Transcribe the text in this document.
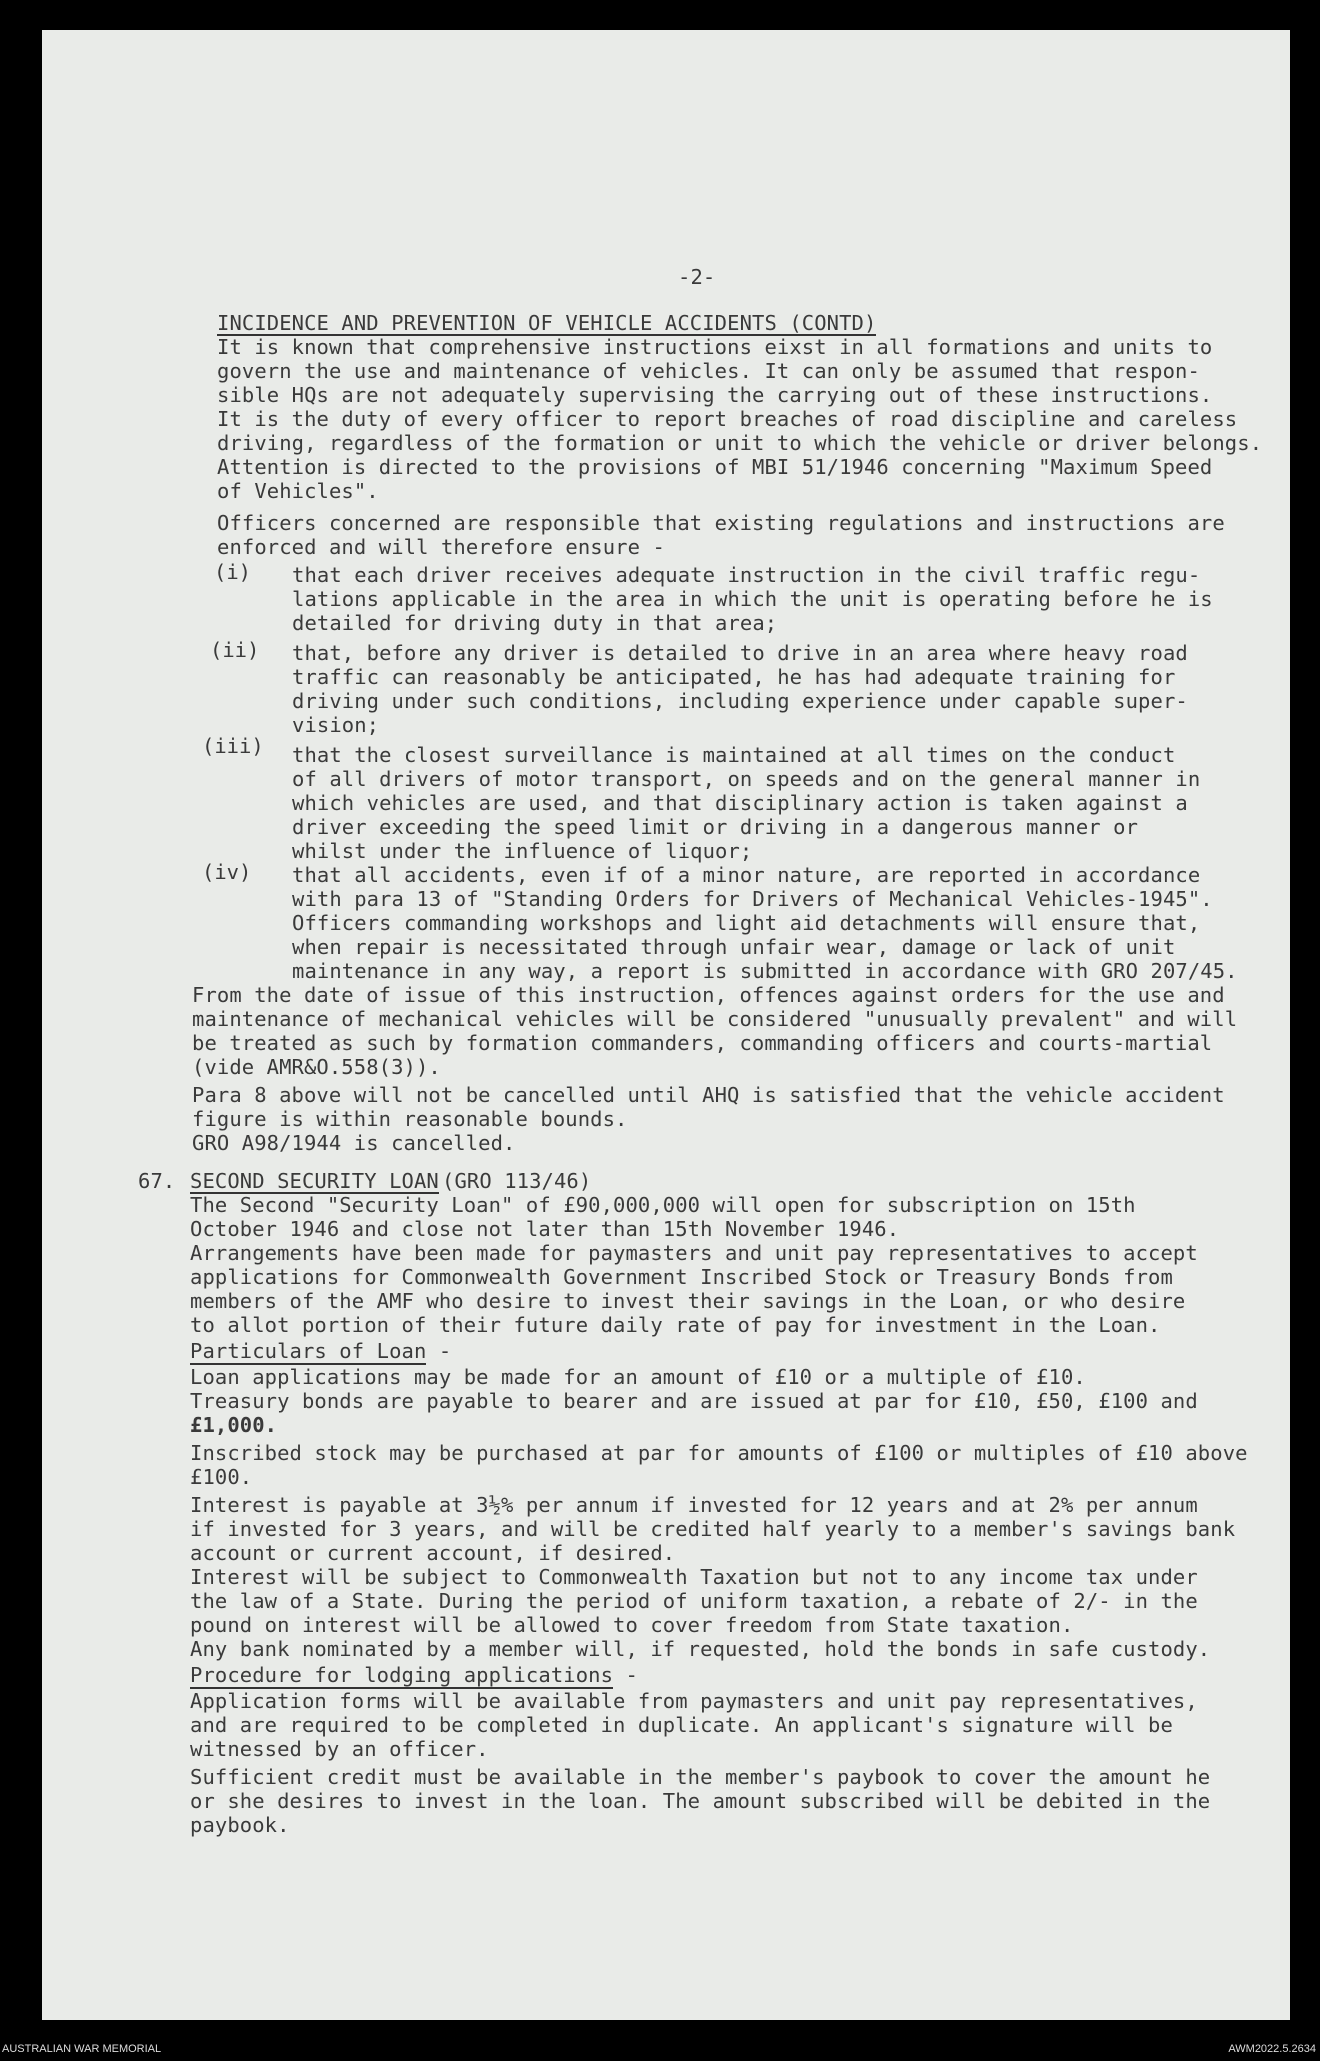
-2-
INCIDENCE AND PREVENTION OF VEHICLE ACCIDENTS (CONTD)
It is known that comprehensive instructions eixst in all formations and units to
govern the use and maintenance of vehicles. It can only be assumed that respon-
sible HQs are not adequately supervising the carrying out of these instructions.
It is the duty of every officer to report breaches of road discipline and careless
driving, regardless of the formation or unit to which the vehicle or driver belongs.
Attention is directed to the provisions of MBI 51/1946 concerning "Maximum Speed
of Vehicles".
Officers concerned are responsible that existing regulations and instructions are
enforced and will therefore ensure -
(i) that each driver receives adequate instruction in the civil traffic regu-
lations applicable in the area in which the unit is operating before he is
detailed for driving duty in that area;
(ii) that, before any driver is detailed to drive in an area where heavy road
traffic can reasonably be anticipated, he has had adequate training for
driving under such conditions, including experience under capable super-
vision;
(iii) that the closest surveillance is maintained at all times on the conduct
of all drivers of motor transport, on speeds and on the general manner in
which vehicles are used, and that disciplinary action is taken against a
driver exceeding the speed limit or driving in a dangerous manner or
whilst under the influence of liquor;
(iv) that all accidents, even if of a minor nature, are reported in accordance
with para 13 of "Standing Orders for Drivers of Mechanical Vehicles-1945".
Officers commanding workshops and light aid detachments will ensure that,
when repair is necessitated through unfair wear, damage or lack of unit
maintenance in any way, a report is submitted in accordance with GRO 207/45.
From the date of issue of this instruction, offences against orders for the use and
maintenance of mechanical vehicles will be considered "unusually prevalent" and will
be treated as such by formation commanders, commanding officers and courts-martial
(vide AMR&O.558(3)).
Para 8 above will not be cancelled until AHQ is satisfied that the vehicle accident
figure is within reasonable bounds.
GRO A98/1944 is cancelled.
67. SECOND SECURITY LOAN (GRO 113/46)
The Second "Security Loan" of £90,000,000 will open for subscription on 15th
October 1946 and close not later than 15th November 1946.
Arrangements have been made for paymasters and unit pay representatives to accept
applications for Commonwealth Government Inscribed Stock or Treasury Bonds from
members of the AMF who desire to invest their savings in the Loan, or who desire
to allot portion of their future daily rate of pay for investment in the Loan.
Particulars of Loan -
Loan applications may be made for an amount of £10 or a multiple of £10.
Treasury bonds are payable to bearer and are issued at par for £10, £50, £100 and
£1,000.
Inscribed stock may be purchased at par for amounts of £100 or multiples of £10 above
£100.
Interest is payable at 3½% per annum if invested for 12 years and at 2% per annum
if invested for 3 years, and will be credited half yearly to a member's savings bank
account or current account, if desired.
Interest will be subject to Commonwealth Taxation but not to any income tax under
the law of a State. During the period of uniform taxation, a rebate of 2/- in the
pound on interest will be allowed to cover freedom from State taxation.
Any bank nominated by a member will, if requested, hold the bonds in safe custody.
Procedure for lodging applications -
Application forms will be available from paymasters and unit pay representatives,
and are required to be completed in duplicate. An applicant's signature will be
witnessed by an officer.
Sufficient credit must be available in the member's paybook to cover the amount he
or she desires to invest in the loan. The amount subscribed will be debited in the
paybook.
AUSTRALIAN WAR MEMORIAL	AWM2022.5.2634
